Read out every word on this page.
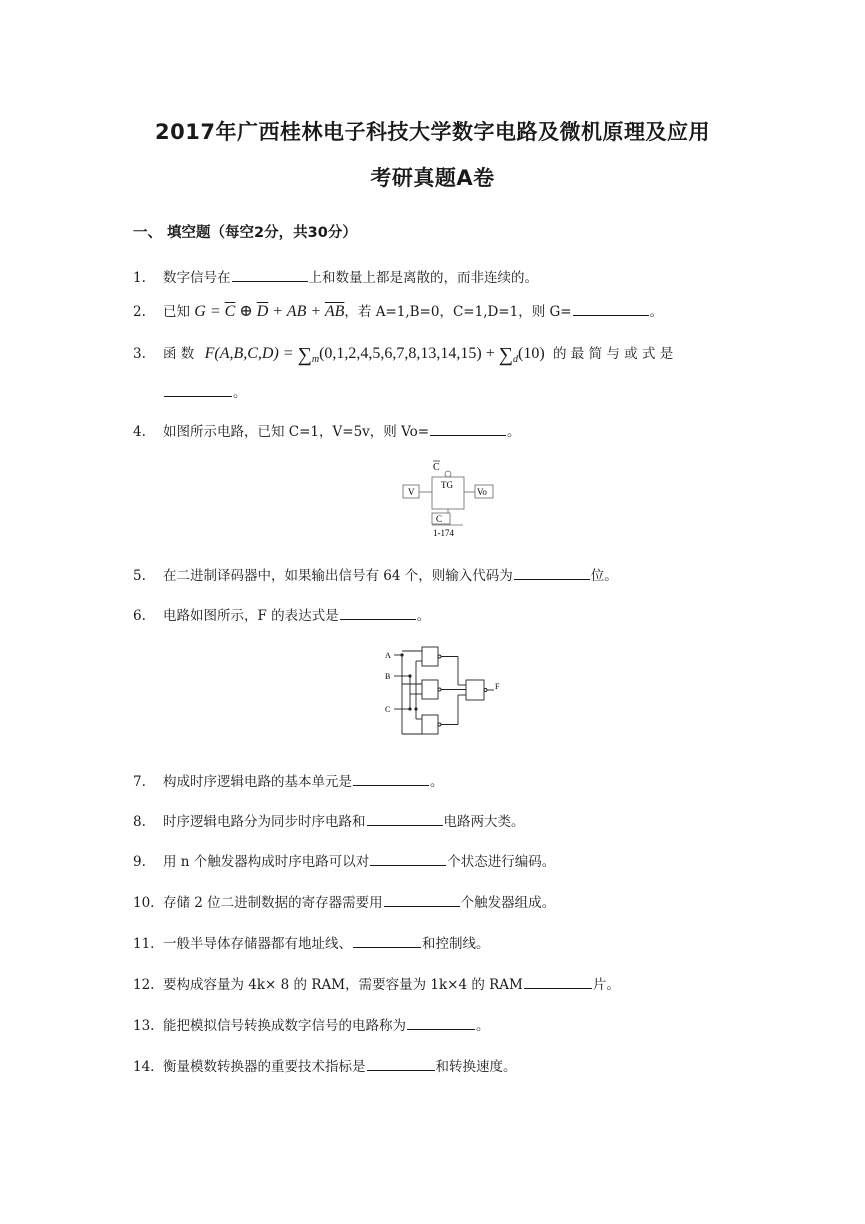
2017年广西桂林电子科技大学数字电路及微机原理及应用
考研真题A卷
一、 填空题（每空2分，共30分）
1. 数字信号在	上和数量上都是离散的，而非连续的。
2. 已知 $G = \overline{C}$ ⊕ $\overline{D}$ + AB + $\overline{AB}$，若 A=1,B=0，C=1,D=1，则 G=	。
3. 函 数 $F(A,B,C,D) = \sum_m(0,1,2,4,5,6,7,8,13,14,15) + \sum_d(10)$ 的 最 简 与 或 式 是
。
4. 如图所示电路，已知 C=1，V=5v，则 Vo=	。
C
TG
V	Vo
C
1-174
5. 在二进制译码器中，如果输出信号有 64 个，则输入代码为	位。
6. 电路如图所示，F 的表达式是	。
A
B
C
F
7. 构成时序逻辑电路的基本单元是	。
8. 时序逻辑电路分为同步时序电路和	电路两大类。
9. 用 n 个触发器构成时序电路可以对	个状态进行编码。
10. 存储 2 位二进制数据的寄存器需要用	个触发器组成。
11. 一般半导体存储器都有地址线、	和控制线。
12. 要构成容量为 4k× 8 的 RAM，需要容量为 1k×4 的 RAM	片。
13. 能把模拟信号转换成数字信号的电路称为	。
14. 衡量模数转换器的重要技术指标是	和转换速度。
